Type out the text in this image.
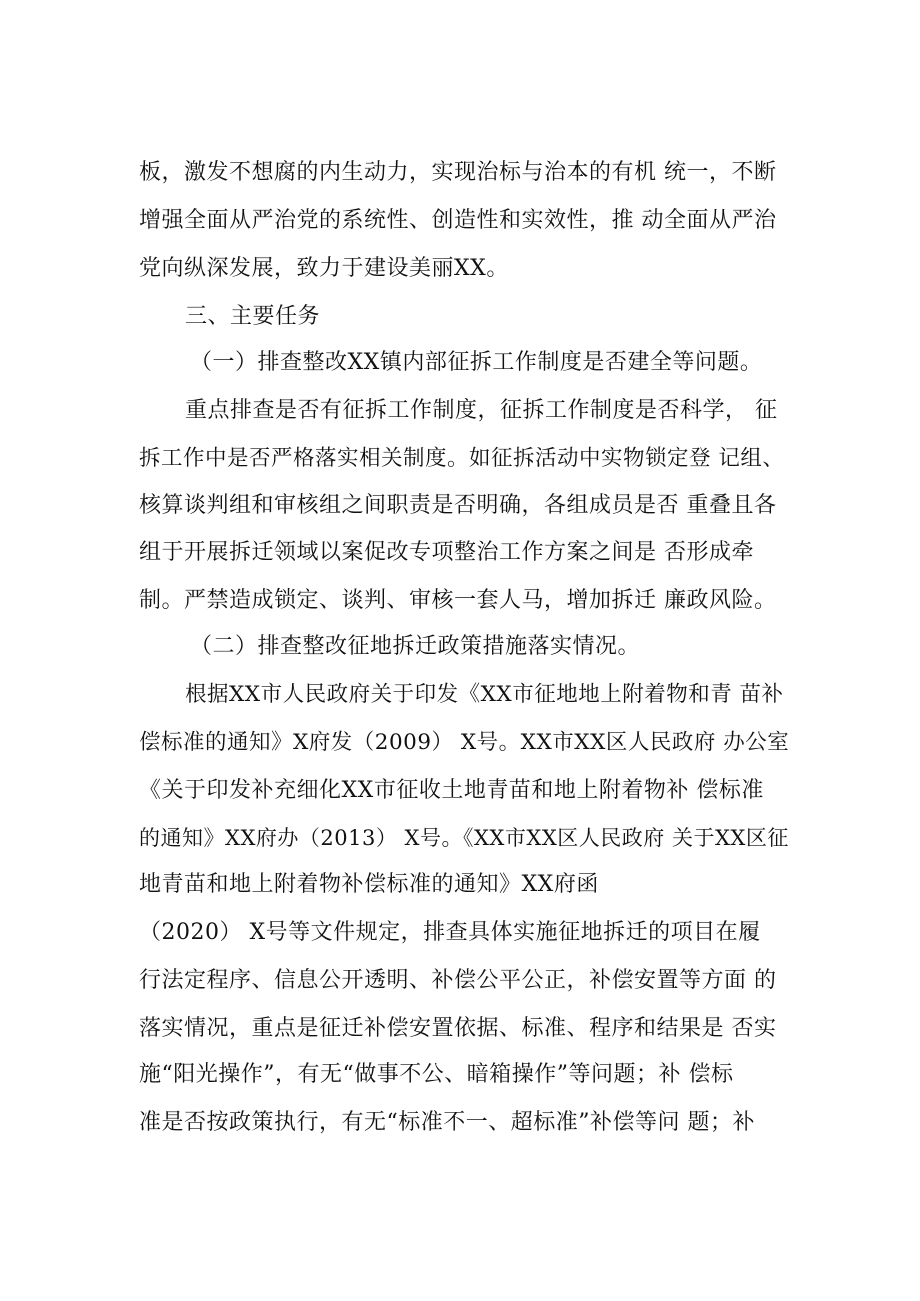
板，激发不想腐的内生动力，实现治标与治本的有机 统一，不断
增强全面从严治党的系统性、创造性和实效性，推 动全面从严治
党向纵深发展，致力于建设美丽XX。
三、主要任务
（一）排查整改XX镇内部征拆工作制度是否建全等问题。
重点排查是否有征拆工作制度，征拆工作制度是否科学， 征
拆工作中是否严格落实相关制度。如征拆活动中实物锁定登 记组、
核算谈判组和审核组之间职责是否明确，各组成员是否 重叠且各
组于开展拆迁领域以案促改专项整治工作方案之间是 否形成牵
制。严禁造成锁定、谈判、审核一套人马，增加拆迁 廉政风险。
（二）排查整改征地拆迁政策措施落实情况。
根据XX市人民政府关于印发《XX市征地地上附着物和青 苗补
偿标准的通知》X府发（2009） X号。XX市XX区人民政府 办公室
《关于印发补充细化XX市征收土地青苗和地上附着物补 偿标准
的通知》XX府办（2013） X号。《XX市XX区人民政府 关于XX区征
地青苗和地上附着物补偿标准的通知》XX府函
（2020） X号等文件规定，排查具体实施征地拆迁的项目在履
行法定程序、信息公开透明、补偿公平公正，补偿安置等方面 的
落实情况，重点是征迁补偿安置依据、标准、程序和结果是 否实
施“阳光操作”，有无“做事不公、暗箱操作”等问题；补 偿标
准是否按政策执行，有无“标准不一、超标准”补偿等问 题；补
